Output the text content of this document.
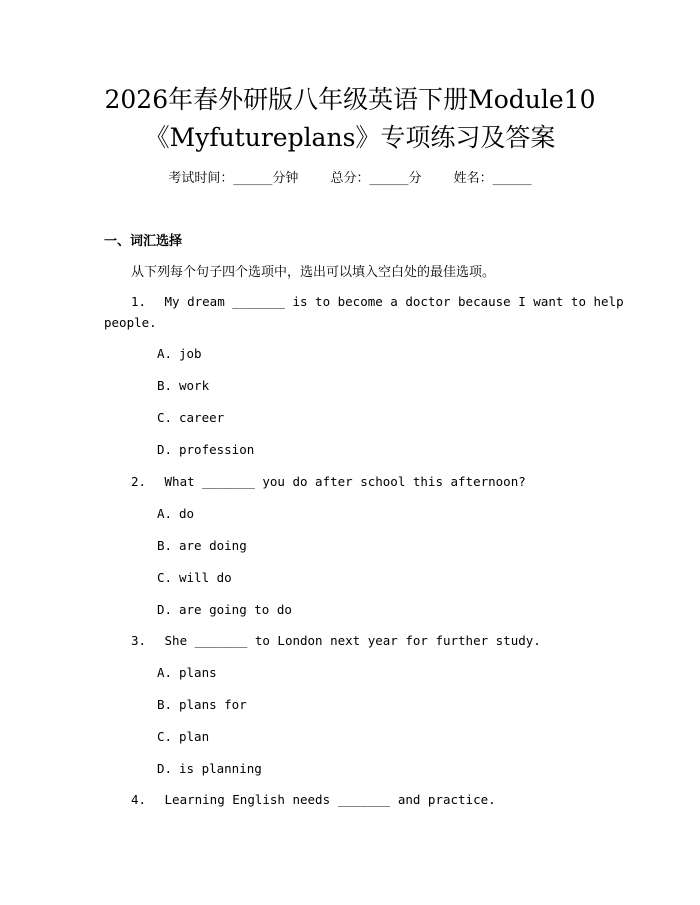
2026年春外研版八年级英语下册Module10
《Myfutureplans》专项练习及答案
考试时间：______分钟 总分：______分 姓名：______
一、词汇选择
从下列每个句子四个选项中，选出可以填入空白处的最佳选项。
1. My dream _______ is to become a doctor because I want to help
people.
A. job
B. work
C. career
D. profession
2. What _______ you do after school this afternoon?
A. do
B. are doing
C. will do
D. are going to do
3. She _______ to London next year for further study.
A. plans
B. plans for
C. plan
D. is planning
4. Learning English needs _______ and practice.
